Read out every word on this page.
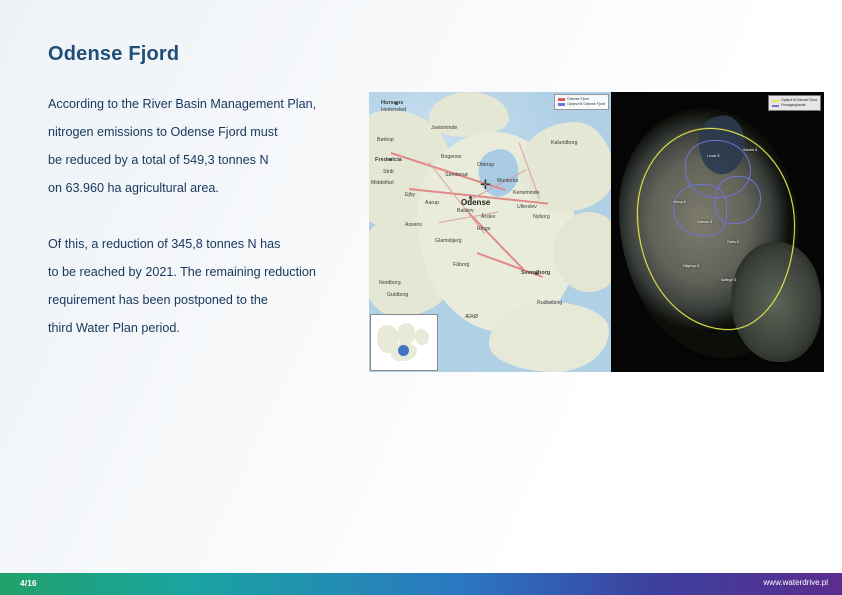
Odense Fjord

According to the River Basin Management Plan,

nitrogen emissions to Odense Fjord must

be reduced by a total of 549,3 tonnes N

on 63.960 ha agricultural area.

Of this, a reduction of 345,8 tonnes N has

to be reached by 2021. The remaining reduction

requirement has been postponed to the

third Water Plan period.

✛
Horsens
Hedensted
Juelsminde
Kalundborg
Børkop
Bogense
Otterup
Fredericia
Søndersø
Munkebo
Strib
Middelfart
Kerteminde
Ejby
Odense
Aarup
Ullerslev
Nyborg
Glamsbjerg
Assens
Ringe
Årslev
Nordborg
Fåborg
Svendborg
Guldborg
Rudkøbing
ÆRØ
Balslev
Odense Fjord
Opland til Odense Fjord
Lunde Å
Stavids Å
Odense Å
Vejrup Å
Geels Å
Hågerup Å
Sallinge Å
Opland til Odense Fjord
Forsøgsoplande
4/16	www.waterdrive.pl
